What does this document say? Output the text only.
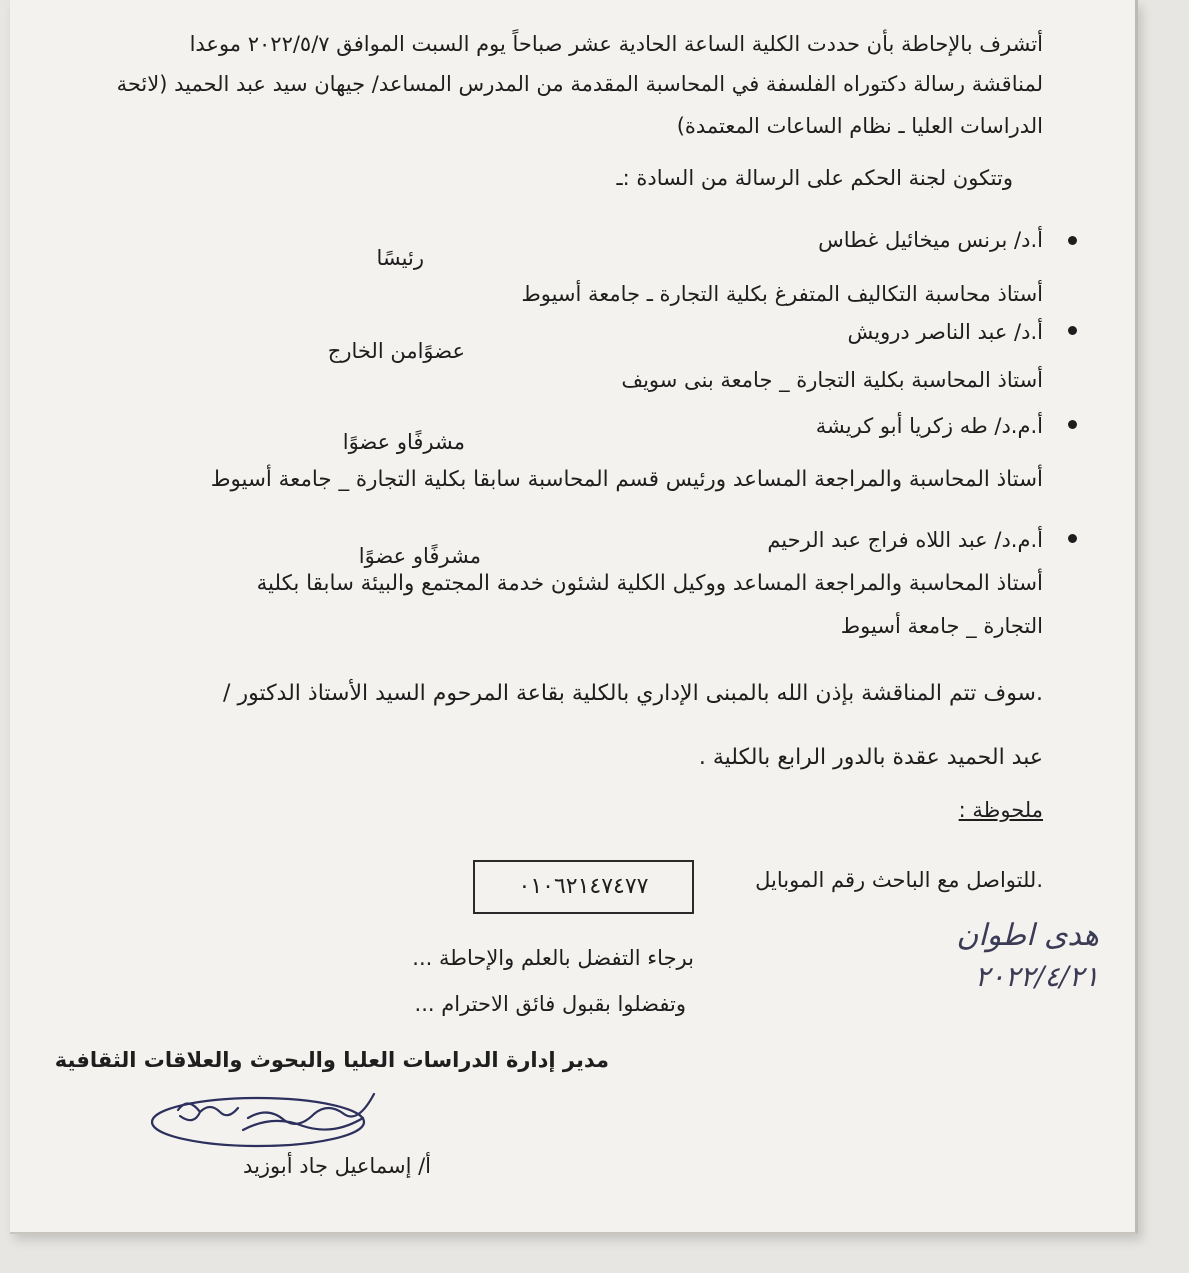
أتشرف بالإحاطة بأن حددت الكلية الساعة الحادية عشر صباحاً يوم السبت الموافق ٢٠٢٢/٥/٧ موعدا
لمناقشة رسالة دكتوراه الفلسفة في المحاسبة المقدمة من المدرس المساعد/ جيهان سيد عبد الحميد (لائحة
الدراسات العليا ـ نظام الساعات المعتمدة)
وتتكون لجنة الحكم على الرسالة من السادة :ـ
أ.د/ برنس ميخائيل غطاس
رئيسًا
أستاذ محاسبة التكاليف المتفرغ بكلية التجارة ـ جامعة أسيوط
أ.د/ عبد الناصر درويش
عضوًامن الخارج
أستاذ المحاسبة بكلية التجارة _ جامعة بنى سويف
أ.م.د/ طه زكريا أبو كريشة
مشرفًاو عضوًا
أستاذ المحاسبة والمراجعة المساعد ورئيس قسم المحاسبة سابقا بكلية التجارة _ جامعة أسيوط
أ.م.د/ عبد اللاه فراج عبد الرحيم
مشرفًاو عضوًا
أستاذ المحاسبة والمراجعة المساعد ووكيل الكلية لشئون خدمة المجتمع والبيئة سابقا بكلية
التجارة _ جامعة أسيوط
.سوف تتم المناقشة بإذن الله بالمبنى الإداري بالكلية بقاعة المرحوم السيد الأستاذ الدكتور /
عبد الحميد عقدة بالدور الرابع بالكلية .
ملحوظة :
.للتواصل مع الباحث رقم الموبايل
٠١٠٦٢١٤٧٤٧٧
هدى اطوان
٢٠٢٢/٤/٢١
برجاء التفضل بالعلم والإحاطة ...
وتفضلوا بقبول فائق الاحترام ...
مدير إدارة الدراسات العليا والبحوث والعلاقات الثقافية
أ/ إسماعيل جاد أبوزيد
